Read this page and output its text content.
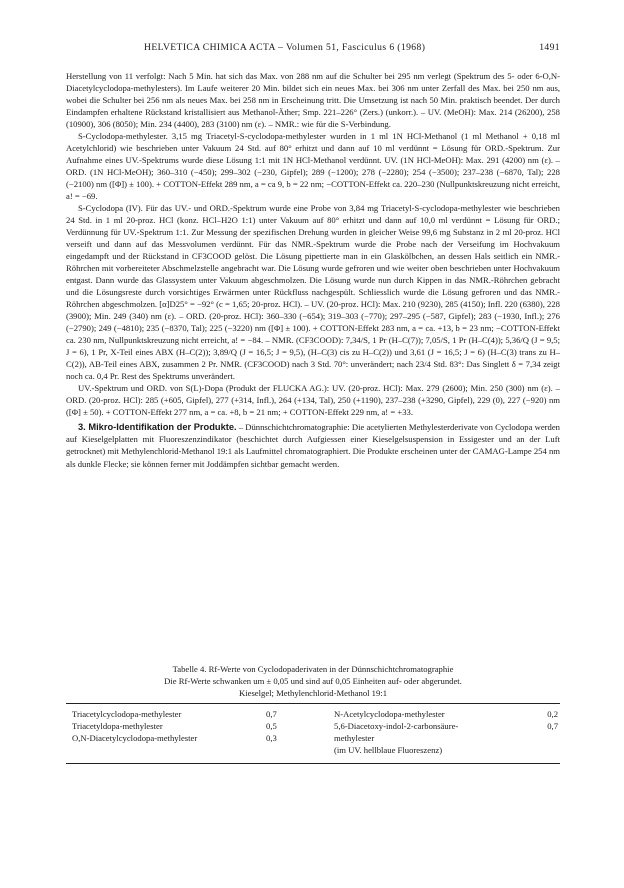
HELVETICA CHIMICA ACTA – Volumen 51, Fasciculus 6 (1968)	1491

Herstellung von 11 verfolgt: Nach 5 Min. hat sich das Max. von 288 nm auf die Schulter bei 295 nm verlegt (Spektrum des 5- oder 6-O,N-Diacetylcyclodopa-methylesters). Im Laufe weiterer 20 Min. bildet sich ein neues Max. bei 306 nm unter Zerfall des Max. bei 250 nm aus, wobei die Schulter bei 256 nm als neues Max. bei 258 nm in Erscheinung tritt. Die Umsetzung ist nach 50 Min. praktisch beendet. Der durch Eindampfen erhaltene Rückstand kristallisiert aus Methanol-Äther; Smp. 221–226° (Zers.) (unkorr.). – UV. (MeOH): Max. 214 (26200), 258 (10900), 306 (8050); Min. 234 (4400), 283 (3100) nm (ε). – NMR.: wie für die S-Verbindung.

S-Cyclodopa-methylester. 3,15 mg Triacetyl-S-cyclodopa-methylester wurden in 1 ml 1N HCl-Methanol (1 ml Methanol + 0,18 ml Acetylchlorid) wie beschrieben unter Vakuum 24 Std. auf 80° erhitzt und dann auf 10 ml verdünnt = Lösung für ORD.-Spektrum. Zur Aufnahme eines UV.-Spektrums wurde diese Lösung 1:1 mit 1N HCl-Methanol verdünnt. UV. (1N HCl-MeOH): Max. 291 (4200) nm (ε). – ORD. (1N HCl-MeOH); 360–310 (−450); 299–302 (−230, Gipfel); 289 (−1200); 278 (−2280); 254 (−3500); 237–238 (−6870, Tal); 228 (−2100) nm ([Φ]) ± 100). + COTTON-Effekt 289 nm, a = ca 9, b = 22 nm; −COTTON-Effekt ca. 220–230 (Nullpunktskreuzung nicht erreicht, a! = −69.

S-Cyclodopa (IV). Für das UV.- und ORD.-Spektrum wurde eine Probe von 3,84 mg Triacetyl-S-cyclodopa-methylester wie beschrieben 24 Std. in 1 ml 20-proz. HCl (konz. HCl–H2O 1:1) unter Vakuum auf 80° erhitzt und dann auf 10,0 ml verdünnt = Lösung für ORD.; Verdünnung für UV.-Spektrum 1:1. Zur Messung der spezifischen Drehung wurden in gleicher Weise 99,6 mg Substanz in 2 ml 20-proz. HCl verseift und dann auf das Messvolumen verdünnt. Für das NMR.-Spektrum wurde die Probe nach der Verseifung im Hochvakuum eingedampft und der Rückstand in CF3COOD gelöst. Die Lösung pipettierte man in ein Glaskölbchen, an dessen Hals seitlich ein NMR.-Röhrchen mit vorbereiteter Abschmelzstelle angebracht war. Die Lösung wurde gefroren und wie weiter oben beschrieben unter Hochvakuum entgast. Dann wurde das Glassystem unter Vakuum abgeschmolzen. Die Lösung wurde nun durch Kippen in das NMR.-Röhrchen gebracht und die Lösungsreste durch vorsichtiges Erwärmen unter Rückfluss nachgespült. Schliesslich wurde die Lösung gefroren und das NMR.-Röhrchen abgeschmolzen. [α]D25° = −92° (c = 1,65; 20-proz. HCl). – UV. (20-proz. HCl): Max. 210 (9230), 285 (4150); Infl. 220 (6380), 228 (3900); Min. 249 (340) nm (ε). – ORD. (20-proz. HCl): 360–330 (−654); 319–303 (−770); 297–295 (−587, Gipfel); 283 (−1930, Infl.); 276 (−2790); 249 (−4810); 235 (−8370, Tal); 225 (−3220) nm ([Φ] ± 100). + COTTON-Effekt 283 nm, a = ca. +13, b = 23 nm; −COTTON-Effekt ca. 230 nm, Nullpunktskreuzung nicht erreicht, a! = −84. – NMR. (CF3COOD): 7,34/S, 1 Pr (H–C(7)); 7,05/S, 1 Pr (H–C(4)); 5,36/Q (J = 9,5; J = 6), 1 Pr, X-Teil eines ABX (H–C(2)); 3,89/Q (J = 16,5; J = 9,5), (H–C(3) cis zu H–C(2)) und 3,61 (J = 16,5; J = 6) (H–C(3) trans zu H–C(2)), AB-Teil eines ABX, zusammen 2 Pr. NMR. (CF3COOD) nach 3 Std. 70°: unverändert; nach 23/4 Std. 83°: Das Singlett δ = 7,34 zeigt noch ca. 0,4 Pr. Rest des Spektrums unverändert.

UV.-Spektrum und ORD. von S(L)-Dopa (Produkt der FLUCKA AG.): UV. (20-proz. HCl): Max. 279 (2600); Min. 250 (300) nm (ε). – ORD. (20-proz. HCl): 285 (+605, Gipfel), 277 (+314, Infl.), 264 (+134, Tal), 250 (+1190), 237–238 (+3290, Gipfel), 229 (0), 227 (−920) nm ([Φ] ± 50). + COTTON-Effekt 277 nm, a = ca. +8, b = 21 nm; + COTTON-Effekt 229 nm, a! = +33.

3. Mikro-Identifikation der Produkte. – Dünnschichtchromatographie: Die acetylierten Methylesterderivate von Cyclodopa werden auf Kieselgelplatten mit Fluoreszenzindikator (beschichtet durch Aufgiessen einer Kieselgelsuspension in Essigester und an der Luft getrocknet) mit Methylenchlorid-Methanol 19:1 als Laufmittel chromatographiert. Die Produkte erscheinen unter der CAMAG-Lampe 254 nm als dunkle Flecke; sie können ferner mit Joddämpfen sichtbar gemacht werden.

Tabelle 4. Rf-Werte von Cyclodopaderivaten in der Dünnschichtchromatographie
Die Rf-Werte schwanken um ± 0,05 und sind auf 0,05 Einheiten auf- oder abgerundet.
Kieselgel; Methylenchlorid-Methanol 19:1
Triacetylcyclodopa-methylester
Triacetyldopa-methylester
O,N-Diacetylcyclodopa-methylester
0,7
0,5
0,3
N-Acetylcyclodopa-methylester
5,6-Diacetoxy-indol-2-carbonsäure-
methylester
(im UV. hellblaue Fluoreszenz)
0,2
0,7
